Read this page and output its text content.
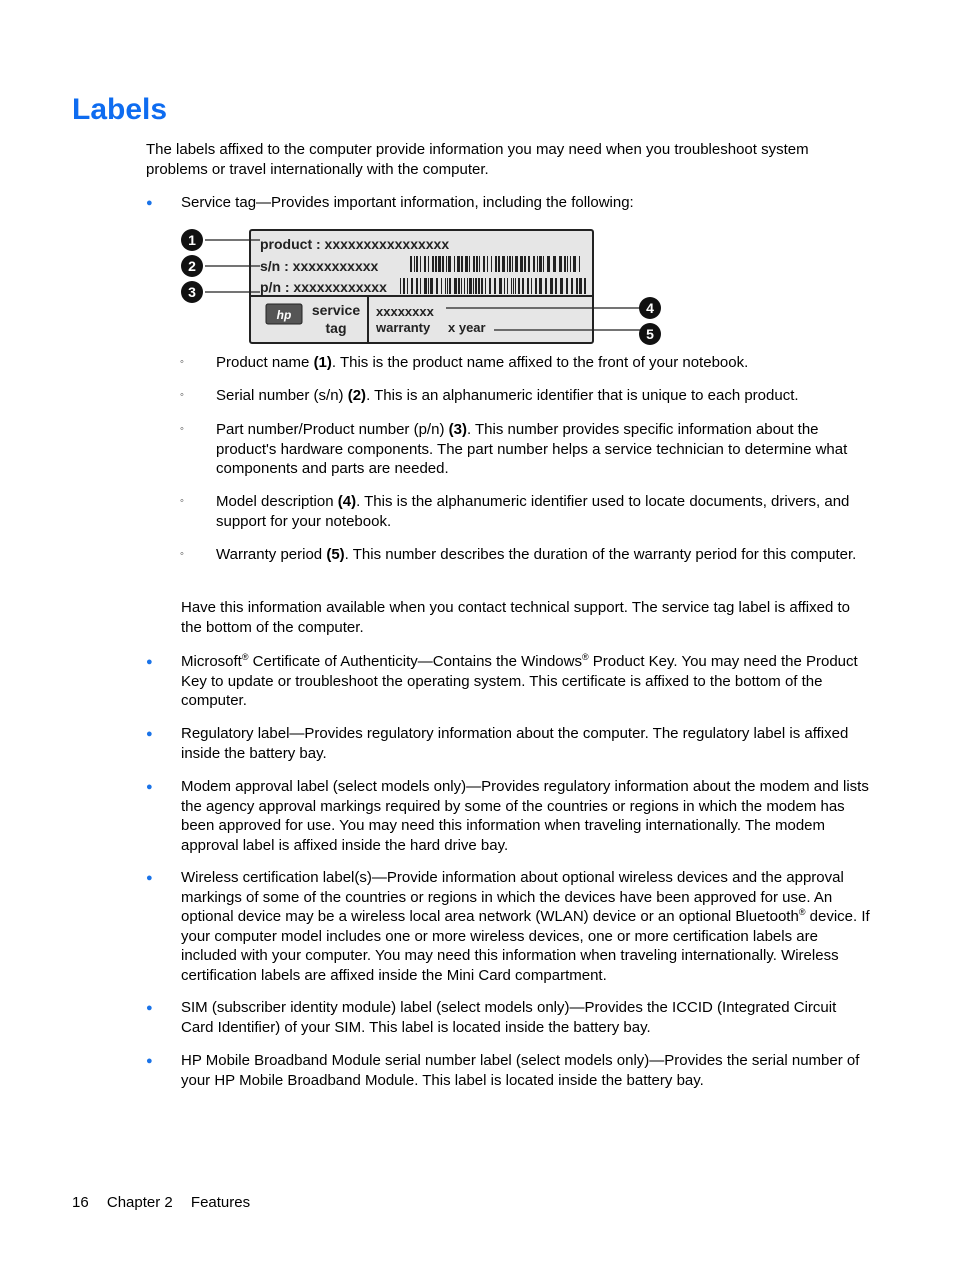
Labels

The labels affixed to the computer provide information you may need when you troubleshoot system problems or travel internationally with the computer.

● Service tag—Provides important information, including the following:
1
2
3
product : xxxxxxxxxxxxxxxx
s/n : xxxxxxxxxxx
p/n : xxxxxxxxxxxx
hp service
tag
xxxxxxxx
warranty x year
4
5
◦ Product name (1). This is the product name affixed to the front of your notebook.
◦ Serial number (s/n) (2). This is an alphanumeric identifier that is unique to each product.
◦ Part number/Product number (p/n) (3). This number provides specific information about the product's hardware components. The part number helps a service technician to determine what components and parts are needed.
◦ Model description (4). This is the alphanumeric identifier used to locate documents, drivers, and support for your notebook.
◦ Warranty period (5). This number describes the duration of the warranty period for this computer.

Have this information available when you contact technical support. The service tag label is affixed to the bottom of the computer.

● Microsoft® Certificate of Authenticity—Contains the Windows® Product Key. You may need the Product Key to update or troubleshoot the operating system. This certificate is affixed to the bottom of the computer.
● Regulatory label—Provides regulatory information about the computer. The regulatory label is affixed inside the battery bay.
● Modem approval label (select models only)—Provides regulatory information about the modem and lists the agency approval markings required by some of the countries or regions in which the modem has been approved for use. You may need this information when traveling internationally. The modem approval label is affixed inside the hard drive bay.
● Wireless certification label(s)—Provide information about optional wireless devices and the approval markings of some of the countries or regions in which the devices have been approved for use. An optional device may be a wireless local area network (WLAN) device or an optional Bluetooth® device. If your computer model includes one or more wireless devices, one or more certification labels are included with your computer. You may need this information when traveling internationally. Wireless certification labels are affixed inside the Mini Card compartment.
● SIM (subscriber identity module) label (select models only)—Provides the ICCID (Integrated Circuit Card Identifier) of your SIM. This label is located inside the battery bay.
● HP Mobile Broadband Module serial number label (select models only)—Provides the serial number of your HP Mobile Broadband Module. This label is located inside the battery bay.
16 Chapter 2 Features
